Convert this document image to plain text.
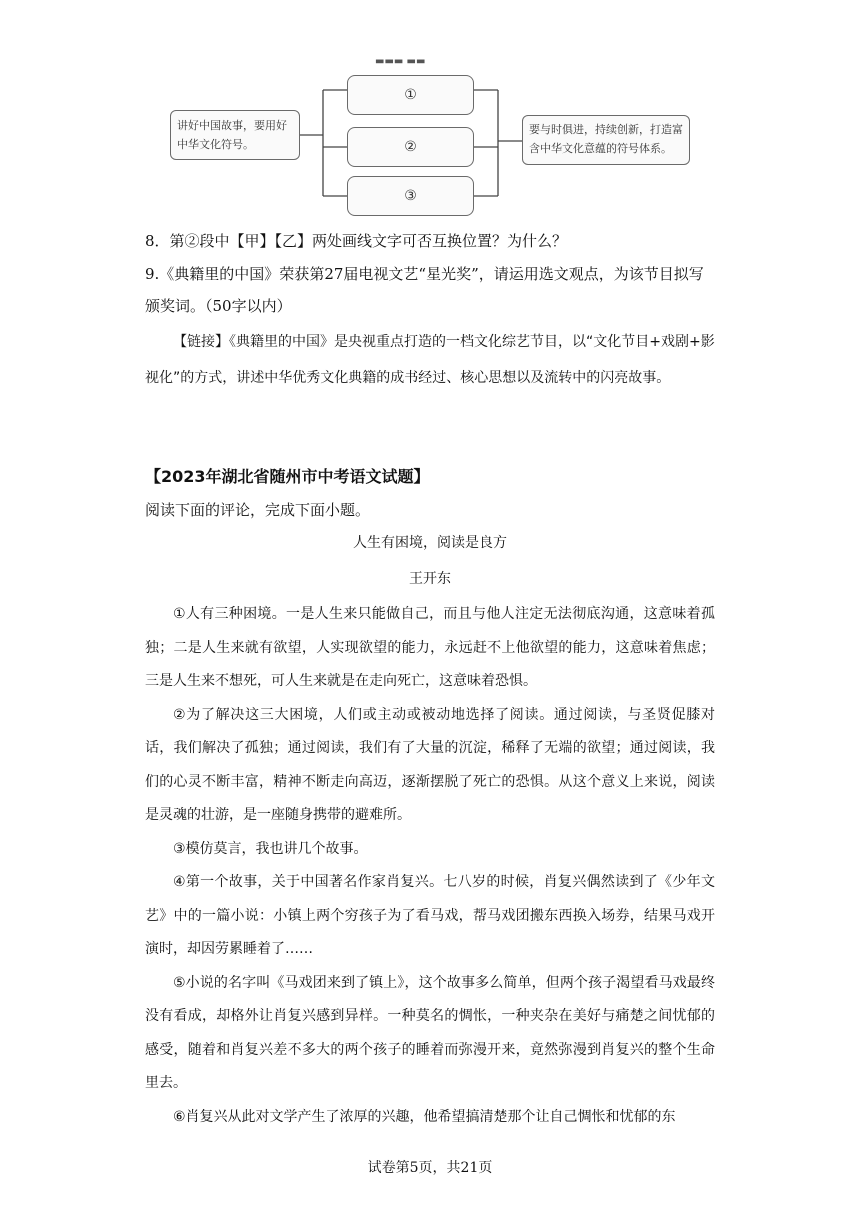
▬▬▬ ▬▬
讲好中国故事，要用好中华文化符号。
①
②
③
要与时俱进，持续创新，打造富含中华文化意蕴的符号体系。
8．第②段中【甲】【乙】两处画线文字可否互换位置？为什么？
9.《典籍里的中国》荣获第27届电视文艺“星光奖”，请运用选文观点，为该节目拟写
颁奖词。（50字以内）
【链接】《典籍里的中国》是央视重点打造的一档文化综艺节目，以“文化节目+戏剧+影视化”的方式，讲述中华优秀文化典籍的成书经过、核心思想以及流转中的闪亮故事。
【2023年湖北省随州市中考语文试题】
阅读下面的评论，完成下面小题。
人生有困境，阅读是良方
王开东

①人有三种困境。一是人生来只能做自己，而且与他人注定无法彻底沟通，这意味着孤独；二是人生来就有欲望，人实现欲望的能力，永远赶不上他欲望的能力，这意味着焦虑；三是人生来不想死，可人生来就是在走向死亡，这意味着恐惧。

②为了解决这三大困境，人们或主动或被动地选择了阅读。通过阅读，与圣贤促膝对话，我们解决了孤独；通过阅读，我们有了大量的沉淀，稀释了无端的欲望；通过阅读，我们的心灵不断丰富，精神不断走向高迈，逐渐摆脱了死亡的恐惧。从这个意义上来说，阅读是灵魂的壮游，是一座随身携带的避难所。

③模仿莫言，我也讲几个故事。

④第一个故事，关于中国著名作家肖复兴。七八岁的时候，肖复兴偶然读到了《少年文艺》中的一篇小说：小镇上两个穷孩子为了看马戏，帮马戏团搬东西换入场券，结果马戏开演时，却因劳累睡着了……

⑤小说的名字叫《马戏团来到了镇上》，这个故事多么简单，但两个孩子渴望看马戏最终没有看成，却格外让肖复兴感到异样。一种莫名的惆怅，一种夹杂在美好与痛楚之间忧郁的感受，随着和肖复兴差不多大的两个孩子的睡着而弥漫开来，竟然弥漫到肖复兴的整个生命里去。

⑥肖复兴从此对文学产生了浓厚的兴趣，他希望搞清楚那个让自己惆怅和忧郁的东

试卷第5页，共21页
